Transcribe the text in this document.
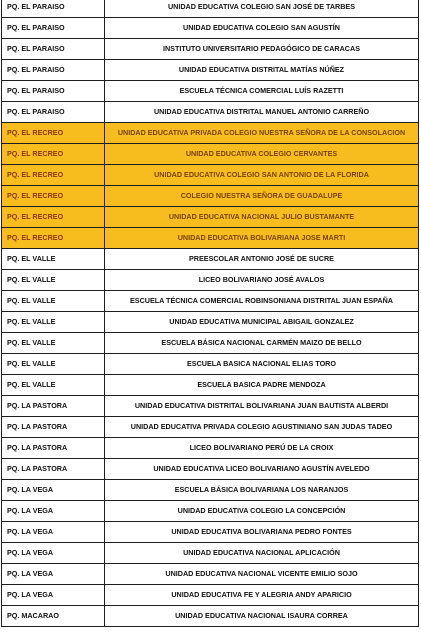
PQ. EL PARAISO	UNIDAD EDUCATIVA COLEGIO SAN JOSÉ DE TARBES
PQ. EL PARAISO	UNIDAD EDUCATIVA COLEGIO SAN AGUSTÍN
PQ. EL PARAISO	INSTITUTO UNIVERSITARIO PEDAGÓGICO DE CARACAS
PQ. EL PARAISO	UNIDAD EDUCATIVA DISTRITAL MATÍAS NÚÑEZ
PQ. EL PARAISO	ESCUELA TÉCNICA COMERCIAL LUÍS RAZETTI
PQ. EL PARAISO	UNIDAD EDUCATIVA DISTRITAL MANUEL ANTONIO CARREÑO
PQ. EL RECREO	UNIDAD EDUCATIVA PRIVADA COLEGIO NUESTRA SEÑORA DE LA CONSOLACION
PQ. EL RECREO	UNIDAD EDUCATIVA COLEGIO CERVANTES
PQ. EL RECREO	UNIDAD EDUCATIVA COLEGIO SAN ANTONIO DE LA FLORIDA
PQ. EL RECREO	COLEGIO NUESTRA SEÑORA DE GUADALUPE
PQ. EL RECREO	UNIDAD EDUCATIVA NACIONAL JULIO BUSTAMANTE
PQ. EL RECREO	UNIDAD EDUCATIVA BOLIVARIANA JOSE MARTI
PQ. EL VALLE	PREESCOLAR ANTONIO JOSÉ DE SUCRE
PQ. EL VALLE	LICEO BOLIVARIANO JOSÉ AVALOS
PQ. EL VALLE	ESCUELA TÉCNICA COMERCIAL ROBINSONIANA DISTRITAL JUAN ESPAÑA
PQ. EL VALLE	UNIDAD EDUCATIVA MUNICIPAL ABIGAIL GONZALEZ
PQ. EL VALLE	ESCUELA BÁSICA NACIONAL CARMÉN MAIZO DE BELLO
PQ. EL VALLE	ESCUELA BASICA NACIONAL ELIAS TORO
PQ. EL VALLE	ESCUELA BASICA PADRE MENDOZA
PQ. LA PASTORA	UNIDAD EDUCATIVA DISTRITAL BOLIVARIANA JUAN BAUTISTA ALBERDI
PQ. LA PASTORA	UNIDAD EDUCATIVA PRIVADA COLEGIO AGUSTINIANO SAN JUDAS TADEO
PQ. LA PASTORA	LICEO BOLIVARIANO PERÚ DE LA CROIX
PQ. LA PASTORA	UNIDAD EDUCATIVA LICEO BOLIVARIANO AGUSTÍN AVELEDO
PQ. LA VEGA	ESCUELA BÁSICA BOLIVARIANA LOS NARANJOS
PQ. LA VEGA	UNIDAD EDUCATIVA COLEGIO LA CONCEPCIÓN
PQ. LA VEGA	UNIDAD EDUCATIVA BOLIVARIANA PEDRO FONTES
PQ. LA VEGA	UNIDAD EDUCATIVA NACIONAL APLICACIÓN
PQ. LA VEGA	UNIDAD EDUCATIVA NACIONAL VICENTE EMILIO SOJO
PQ. LA VEGA	UNIDAD EDUCATIVA FE Y ALEGRIA ANDY APARICIO
PQ. MACARAO	UNIDAD EDUCATIVA NACIONAL ISAURA CORREA
